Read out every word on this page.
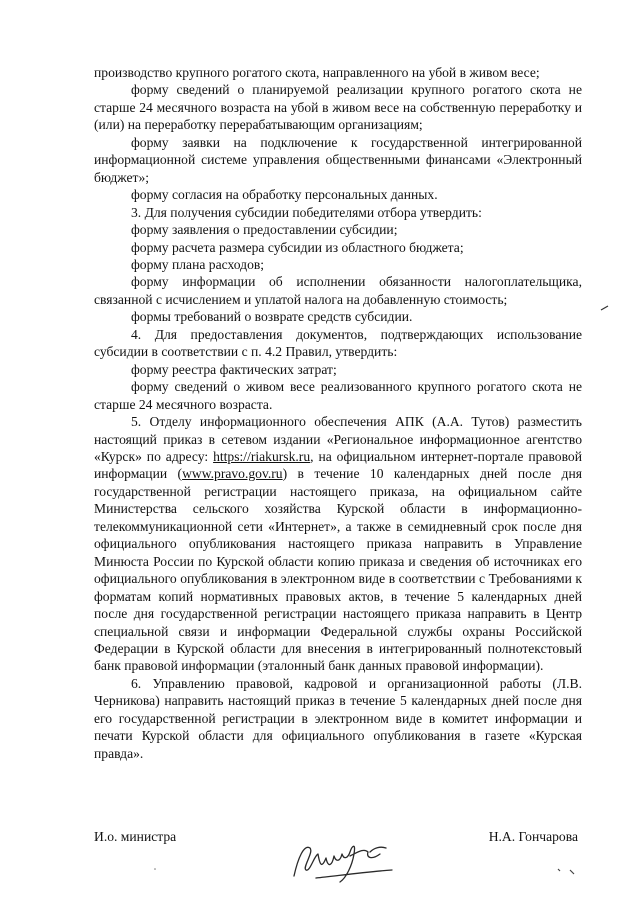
производство крупного рогатого скота, направленного на убой в живом весе;

форму сведений о планируемой реализации крупного рогатого скота не старше 24 месячного возраста на убой в живом весе на собственную переработку и (или) на переработку перерабатывающим организациям;

форму заявки на подключение к государственной интегрированной информационной системе управления общественными финансами «Электронный бюджет»;

форму согласия на обработку персональных данных.

3. Для получения субсидии победителями отбора утвердить:

форму заявления о предоставлении субсидии;

форму расчета размера субсидии из областного бюджета;

форму плана расходов;

форму информации об исполнении обязанности налогоплательщика, связанной с исчислением и уплатой налога на добавленную стоимость;

формы требований о возврате средств субсидии.

4. Для предоставления документов, подтверждающих использование субсидии в соответствии с п. 4.2 Правил, утвердить:

форму реестра фактических затрат;

форму сведений о живом весе реализованного крупного рогатого скота не старше 24 месячного возраста.

5. Отделу информационного обеспечения АПК (А.А. Тутов) разместить настоящий приказ в сетевом издании «Региональное информационное агентство «Курск» по адресу: https://riakursk.ru, на официальном интернет-портале правовой информации (www.pravo.gov.ru) в течение 10 календарных дней после дня государственной регистрации настоящего приказа, на официальном сайте Министерства сельского хозяйства Курской области в информационно-телекоммуникационной сети «Интернет», а также в семидневный срок после дня официального опубликования настоящего приказа направить в Управление Минюста России по Курской области копию приказа и сведения об источниках его официального опубликования в электронном виде в соответствии с Требованиями к форматам копий нормативных правовых актов, в течение 5 календарных дней после дня государственной регистрации настоящего приказа направить в Центр специальной связи и информации Федеральной службы охраны Российской Федерации в Курской области для внесения в интегрированный полнотекстовый банк правовой информации (эталонный банк данных правовой информации).

6. Управлению правовой, кадровой и организационной работы (Л.В. Черникова) направить настоящий приказ в течение 5 календарных дней после дня его государственной регистрации в электронном виде в комитет информации и печати Курской области для официального опубликования в газете «Курская правда».

И.о. министра	Н.А. Гончарова
